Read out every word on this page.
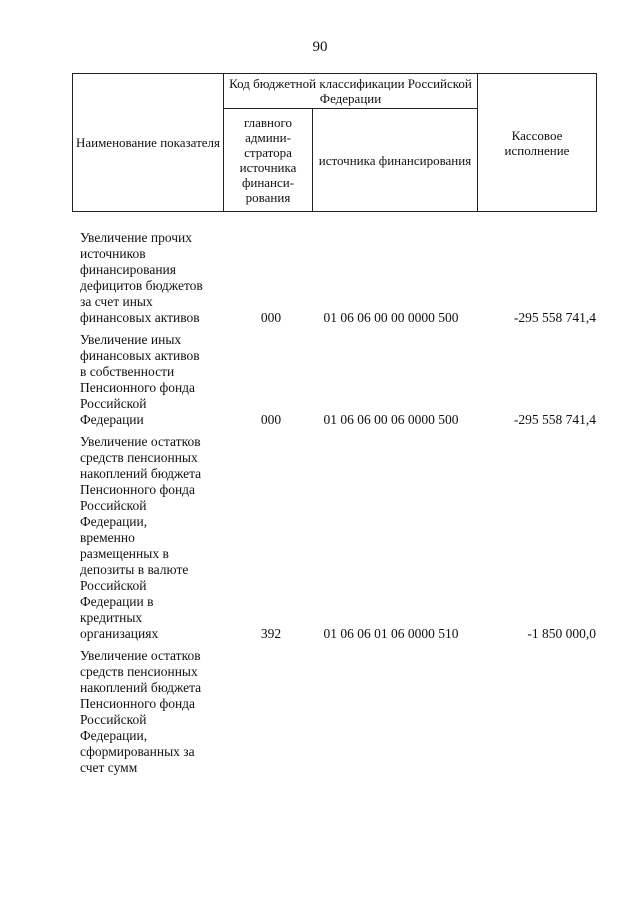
90
Наименование показателя	Код бюджетной классификации Российской Федерации		Кассовое исполнение
	главного админи-стратора источника финанси-рования	источника финансирования	
Увеличение прочих
источников
финансирования
дефицитов бюджетов
за счет иных
финансовых активов	000	01 06 06 00 00 0000 500	-295 558 741,4
Увеличение иных
финансовых активов
в собственности
Пенсионного фонда
Российской
Федерации	000	01 06 06 00 06 0000 500	-295 558 741,4
Увеличение остатков
средств пенсионных
накоплений бюджета
Пенсионного фонда
Российской
Федерации,
временно
размещенных в
депозиты в валюте
Российской
Федерации в
кредитных
организациях	392	01 06 06 01 06 0000 510	-1 850 000,0
Увеличение остатков
средств пенсионных
накоплений бюджета
Пенсионного фонда
Российской
Федерации,
сформированных за
счет сумм
